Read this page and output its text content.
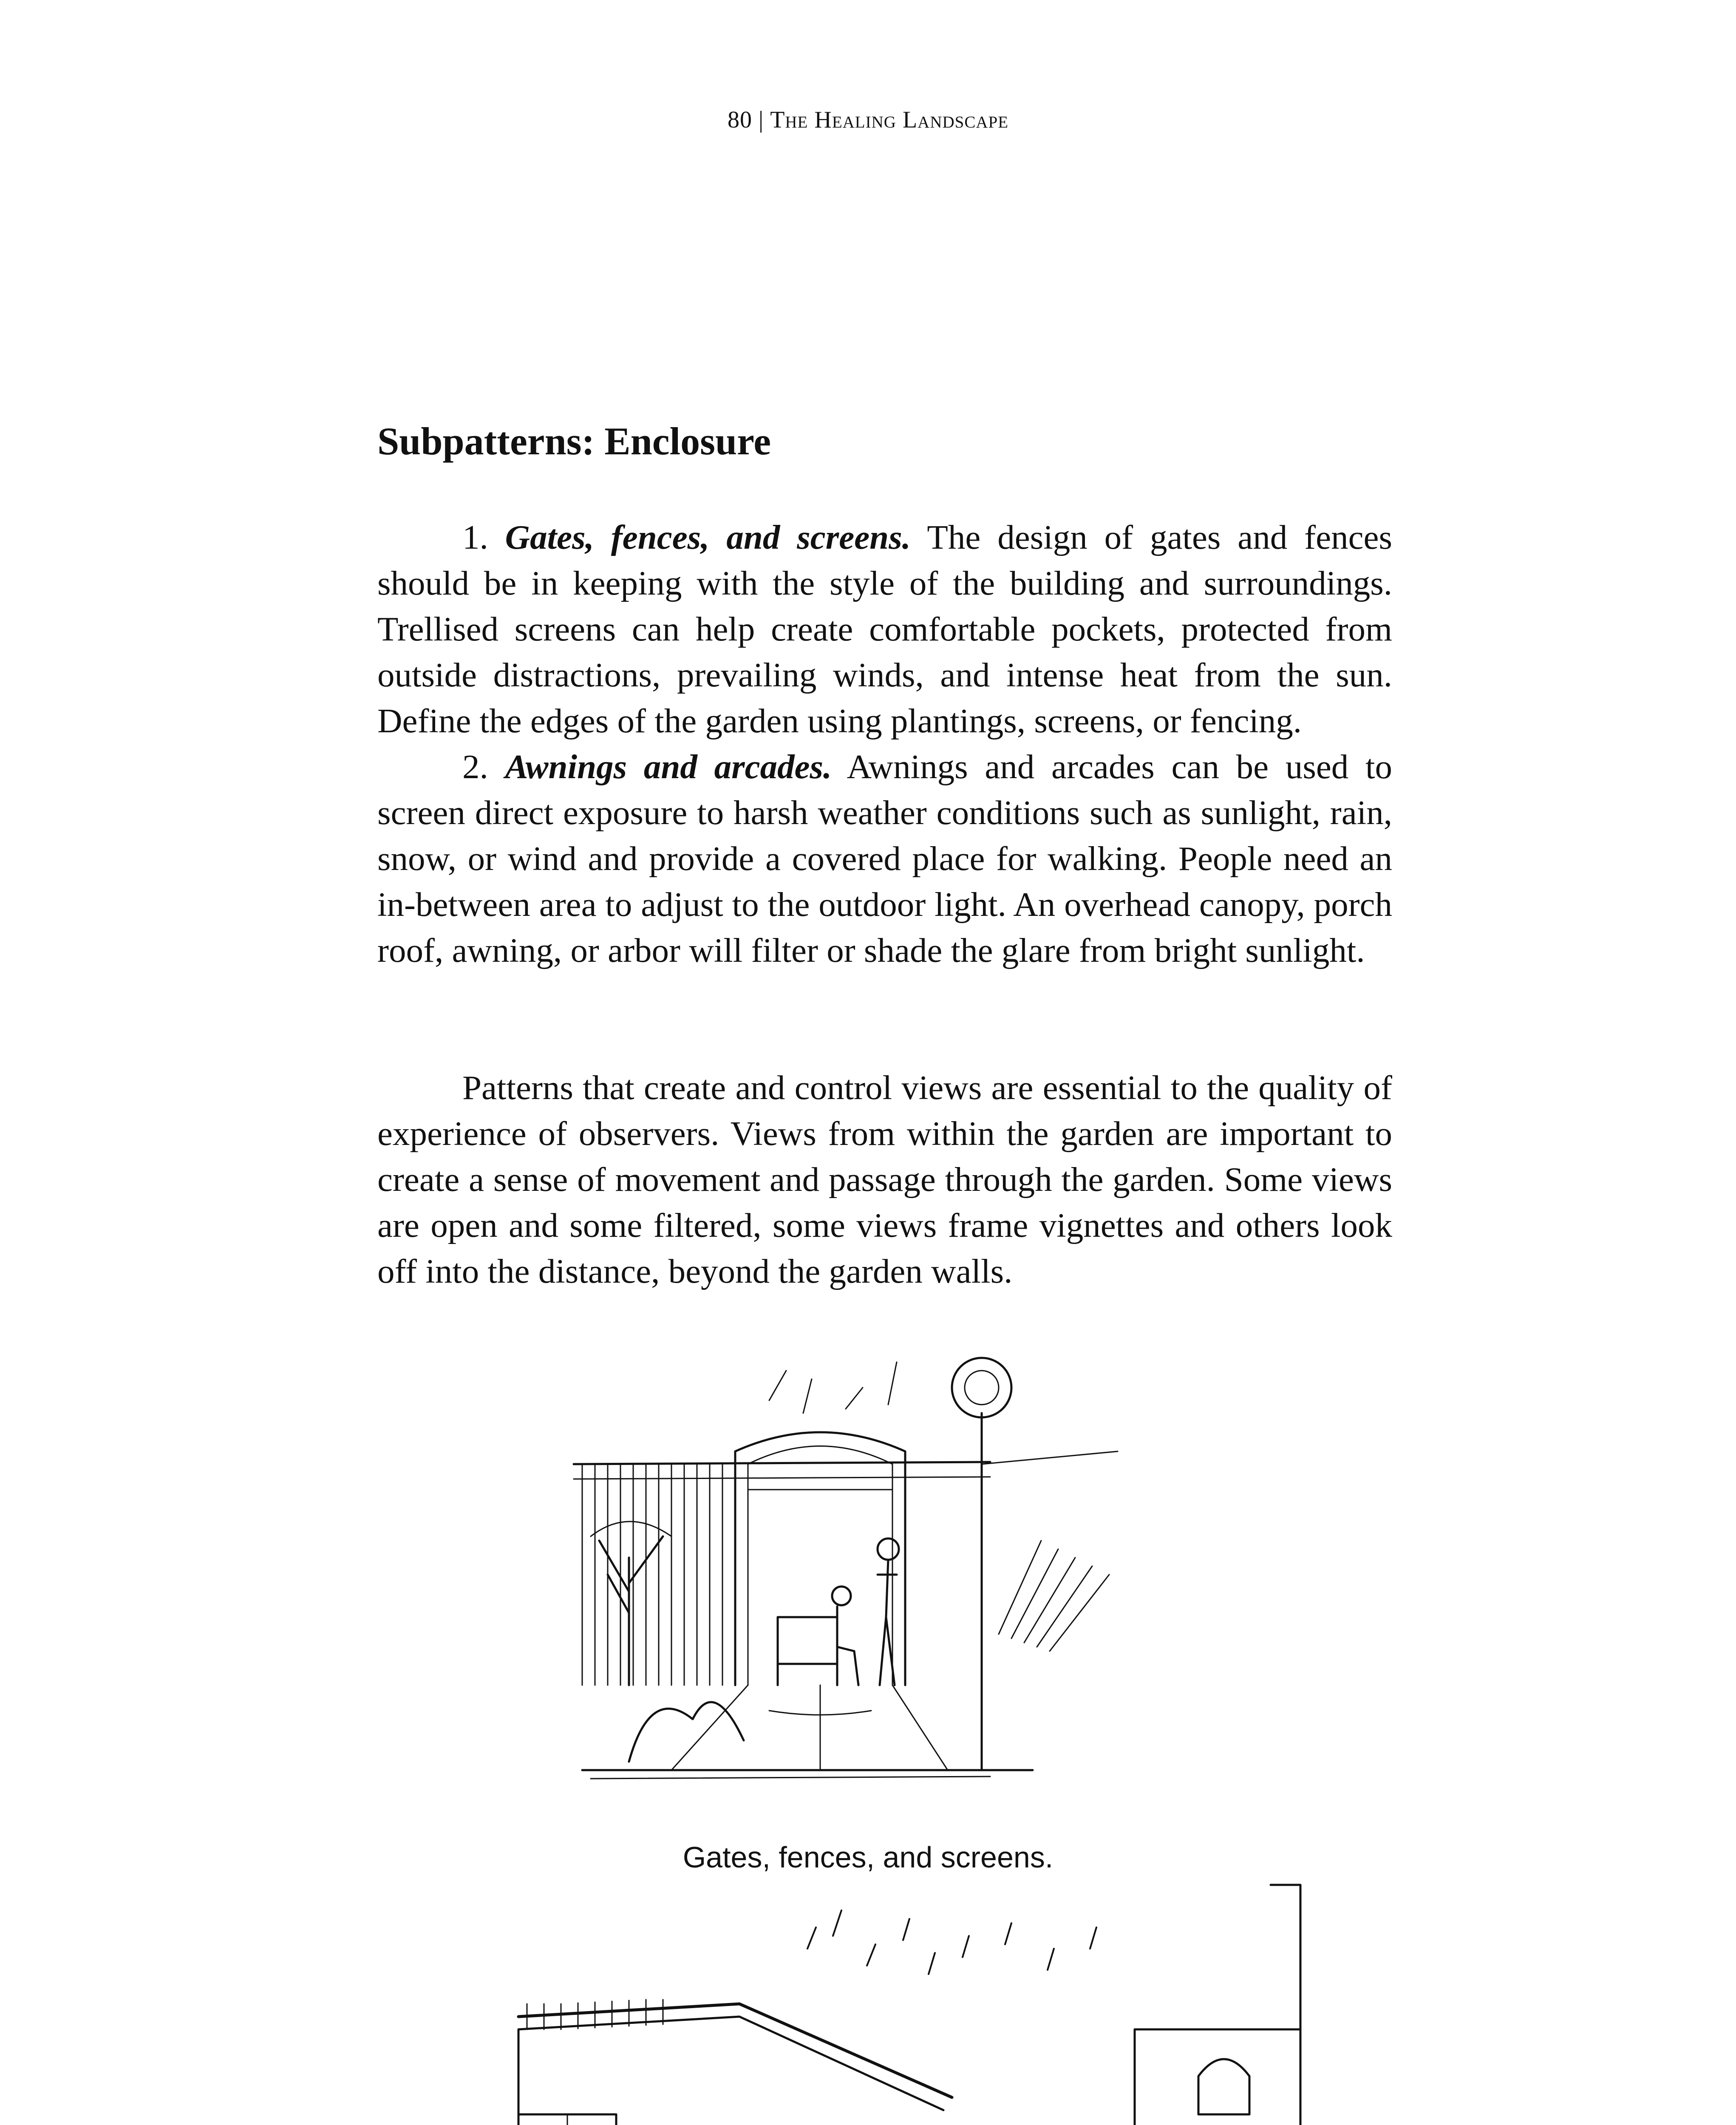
80 | The Healing Landscape
Subpatterns: Enclosure

1. Gates, fences, and screens. The design of gates and fences should be in keeping with the style of the building and surroundings. Trellised screens can help create comfortable pockets, protected from outside distractions, prevailing winds, and intense heat from the sun. Define the edges of the garden using plantings, screens, or fencing.

2. Awnings and arcades. Awnings and arcades can be used to screen direct exposure to harsh weather conditions such as sunlight, rain, snow, or wind and provide a covered place for walking. People need an in-between area to adjust to the outdoor light. An overhead canopy, porch roof, awning, or arbor will filter or shade the glare from bright sunlight.

Patterns that create and control views are essential to the quality of experience of observers. Views from within the garden are important to create a sense of movement and passage through the garden. Some views are open and some filtered, some views frame vignettes and others look off into the distance, beyond the garden walls.

Gates, fences, and screens.
